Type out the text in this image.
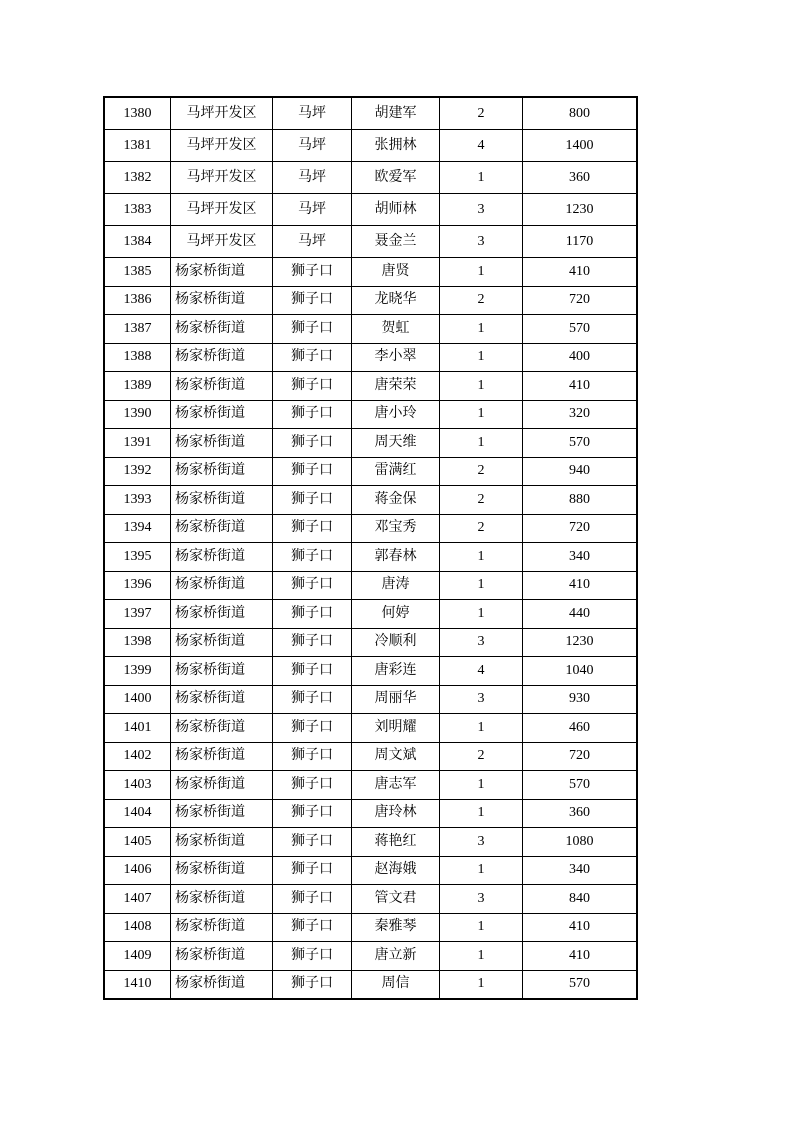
1380	马坪开发区	马坪	胡建军	2	800
1381	马坪开发区	马坪	张拥林	4	1400
1382	马坪开发区	马坪	欧爱军	1	360
1383	马坪开发区	马坪	胡师林	3	1230
1384	马坪开发区	马坪	聂金兰	3	1170
1385	杨家桥街道	狮子口	唐贤	1	410
1386	杨家桥街道	狮子口	龙晓华	2	720
1387	杨家桥街道	狮子口	贺虹	1	570
1388	杨家桥街道	狮子口	李小翠	1	400
1389	杨家桥街道	狮子口	唐荣荣	1	410
1390	杨家桥街道	狮子口	唐小玲	1	320
1391	杨家桥街道	狮子口	周天维	1	570
1392	杨家桥街道	狮子口	雷满红	2	940
1393	杨家桥街道	狮子口	蒋金保	2	880
1394	杨家桥街道	狮子口	邓宝秀	2	720
1395	杨家桥街道	狮子口	郭春林	1	340
1396	杨家桥街道	狮子口	唐涛	1	410
1397	杨家桥街道	狮子口	何婷	1	440
1398	杨家桥街道	狮子口	冷顺利	3	1230
1399	杨家桥街道	狮子口	唐彩连	4	1040
1400	杨家桥街道	狮子口	周丽华	3	930
1401	杨家桥街道	狮子口	刘明耀	1	460
1402	杨家桥街道	狮子口	周文斌	2	720
1403	杨家桥街道	狮子口	唐志军	1	570
1404	杨家桥街道	狮子口	唐玲林	1	360
1405	杨家桥街道	狮子口	蒋艳红	3	1080
1406	杨家桥街道	狮子口	赵海娥	1	340
1407	杨家桥街道	狮子口	管文君	3	840
1408	杨家桥街道	狮子口	秦雅琴	1	410
1409	杨家桥街道	狮子口	唐立新	1	410
1410	杨家桥街道	狮子口	周信	1	570
